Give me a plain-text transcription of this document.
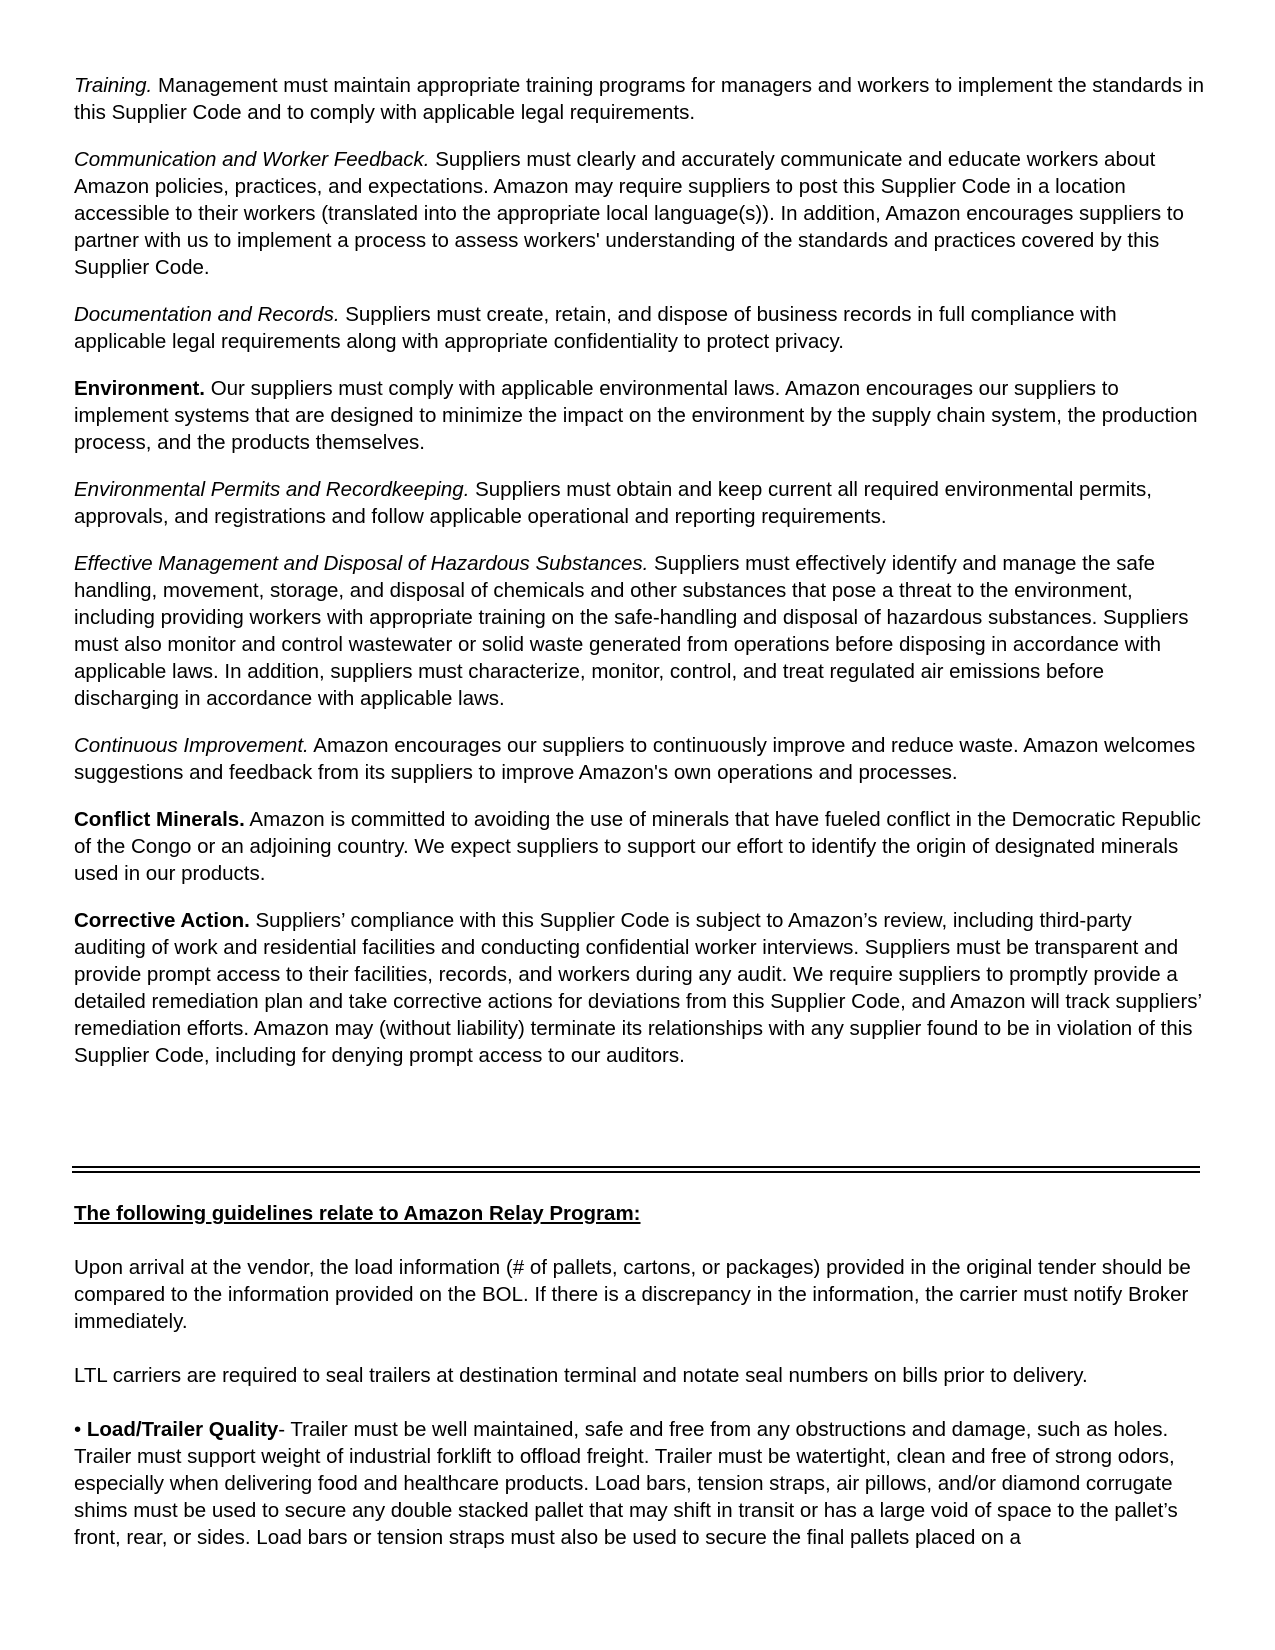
Training. Management must maintain appropriate training programs for managers and workers to implement the standards in this Supplier Code and to comply with applicable legal requirements.

Communication and Worker Feedback. Suppliers must clearly and accurately communicate and educate workers about Amazon policies, practices, and expectations. Amazon may require suppliers to post this Supplier Code in a location accessible to their workers (translated into the appropriate local language(s)). In addition, Amazon encourages suppliers to partner with us to implement a process to assess workers' understanding of the standards and practices covered by this Supplier Code.

Documentation and Records. Suppliers must create, retain, and dispose of business records in full compliance with applicable legal requirements along with appropriate confidentiality to protect privacy.

Environment. Our suppliers must comply with applicable environmental laws. Amazon encourages our suppliers to implement systems that are designed to minimize the impact on the environment by the supply chain system, the production process, and the products themselves.

Environmental Permits and Recordkeeping. Suppliers must obtain and keep current all required environmental permits, approvals, and registrations and follow applicable operational and reporting requirements.

Effective Management and Disposal of Hazardous Substances. Suppliers must effectively identify and manage the safe handling, movement, storage, and disposal of chemicals and other substances that pose a threat to the environment, including providing workers with appropriate training on the safe-handling and disposal of hazardous substances. Suppliers must also monitor and control wastewater or solid waste generated from operations before disposing in accordance with applicable laws. In addition, suppliers must characterize, monitor, control, and treat regulated air emissions before discharging in accordance with applicable laws.

Continuous Improvement. Amazon encourages our suppliers to continuously improve and reduce waste. Amazon welcomes suggestions and feedback from its suppliers to improve Amazon's own operations and processes.

Conflict Minerals. Amazon is committed to avoiding the use of minerals that have fueled conflict in the Democratic Republic of the Congo or an adjoining country. We expect suppliers to support our effort to identify the origin of designated minerals used in our products.

Corrective Action. Suppliers’ compliance with this Supplier Code is subject to Amazon’s review, including third-party auditing of work and residential facilities and conducting confidential worker interviews. Suppliers must be transparent and provide prompt access to their facilities, records, and workers during any audit. We require suppliers to promptly provide a detailed remediation plan and take corrective actions for deviations from this Supplier Code, and Amazon will track suppliers’ remediation efforts. Amazon may (without liability) terminate its relationships with any supplier found to be in violation of this Supplier Code, including for denying prompt access to our auditors.

The following guidelines relate to Amazon Relay Program:

Upon arrival at the vendor, the load information (# of pallets, cartons, or packages) provided in the original tender should be compared to the information provided on the BOL. If there is a discrepancy in the information, the carrier must notify Broker immediately.

LTL carriers are required to seal trailers at destination terminal and notate seal numbers on bills prior to delivery.

• Load/Trailer Quality- Trailer must be well maintained, safe and free from any obstructions and damage, such as holes. Trailer must support weight of industrial forklift to offload freight. Trailer must be watertight, clean and free of strong odors, especially when delivering food and healthcare products. Load bars, tension straps, air pillows, and/or diamond corrugate shims must be used to secure any double stacked pallet that may shift in transit or has a large void of space to the pallet’s front, rear, or sides. Load bars or tension straps must also be used to secure the final pallets placed on a
